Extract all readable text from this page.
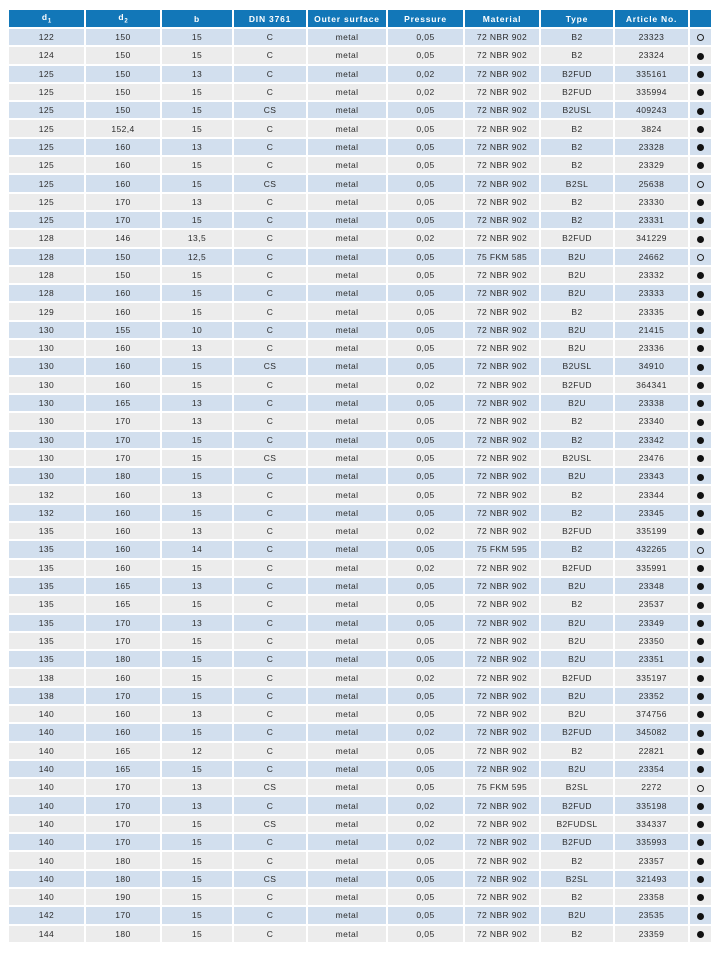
$d_1$	$d_2$	b	DIN 3761	Outer surface	Pressure	Material	Type	Article No.	
122	150	15	C	metal	0,05	72 NBR 902	B2	23323	
124	150	15	C	metal	0,05	72 NBR 902	B2	23324	
125	150	13	C	metal	0,02	72 NBR 902	B2FUD	335161	
125	150	15	C	metal	0,02	72 NBR 902	B2FUD	335994	
125	150	15	CS	metal	0,05	72 NBR 902	B2USL	409243	
125	152,4	15	C	metal	0,05	72 NBR 902	B2	3824	
125	160	13	C	metal	0,05	72 NBR 902	B2	23328	
125	160	15	C	metal	0,05	72 NBR 902	B2	23329	
125	160	15	CS	metal	0,05	72 NBR 902	B2SL	25638	
125	170	13	C	metal	0,05	72 NBR 902	B2	23330	
125	170	15	C	metal	0,05	72 NBR 902	B2	23331	
128	146	13,5	C	metal	0,02	72 NBR 902	B2FUD	341229	
128	150	12,5	C	metal	0,05	75 FKM 585	B2U	24662	
128	150	15	C	metal	0,05	72 NBR 902	B2U	23332	
128	160	15	C	metal	0,05	72 NBR 902	B2U	23333	
129	160	15	C	metal	0,05	72 NBR 902	B2	23335	
130	155	10	C	metal	0,05	72 NBR 902	B2U	21415	
130	160	13	C	metal	0,05	72 NBR 902	B2U	23336	
130	160	15	CS	metal	0,05	72 NBR 902	B2USL	34910	
130	160	15	C	metal	0,02	72 NBR 902	B2FUD	364341	
130	165	13	C	metal	0,05	72 NBR 902	B2U	23338	
130	170	13	C	metal	0,05	72 NBR 902	B2	23340	
130	170	15	C	metal	0,05	72 NBR 902	B2	23342	
130	170	15	CS	metal	0,05	72 NBR 902	B2USL	23476	
130	180	15	C	metal	0,05	72 NBR 902	B2U	23343	
132	160	13	C	metal	0,05	72 NBR 902	B2	23344	
132	160	15	C	metal	0,05	72 NBR 902	B2	23345	
135	160	13	C	metal	0,02	72 NBR 902	B2FUD	335199	
135	160	14	C	metal	0,05	75 FKM 595	B2	432265	
135	160	15	C	metal	0,02	72 NBR 902	B2FUD	335991	
135	165	13	C	metal	0,05	72 NBR 902	B2U	23348	
135	165	15	C	metal	0,05	72 NBR 902	B2	23537	
135	170	13	C	metal	0,05	72 NBR 902	B2U	23349	
135	170	15	C	metal	0,05	72 NBR 902	B2U	23350	
135	180	15	C	metal	0,05	72 NBR 902	B2U	23351	
138	160	15	C	metal	0,02	72 NBR 902	B2FUD	335197	
138	170	15	C	metal	0,05	72 NBR 902	B2U	23352	
140	160	13	C	metal	0,05	72 NBR 902	B2U	374756	
140	160	15	C	metal	0,02	72 NBR 902	B2FUD	345082	
140	165	12	C	metal	0,05	72 NBR 902	B2	22821	
140	165	15	C	metal	0,05	72 NBR 902	B2U	23354	
140	170	13	CS	metal	0,05	75 FKM 595	B2SL	2272	
140	170	13	C	metal	0,02	72 NBR 902	B2FUD	335198	
140	170	15	CS	metal	0,02	72 NBR 902	B2FUDSL	334337	
140	170	15	C	metal	0,02	72 NBR 902	B2FUD	335993	
140	180	15	C	metal	0,05	72 NBR 902	B2	23357	
140	180	15	CS	metal	0,05	72 NBR 902	B2SL	321493	
140	190	15	C	metal	0,05	72 NBR 902	B2	23358	
142	170	15	C	metal	0,05	72 NBR 902	B2U	23535	
144	180	15	C	metal	0,05	72 NBR 902	B2	23359	
